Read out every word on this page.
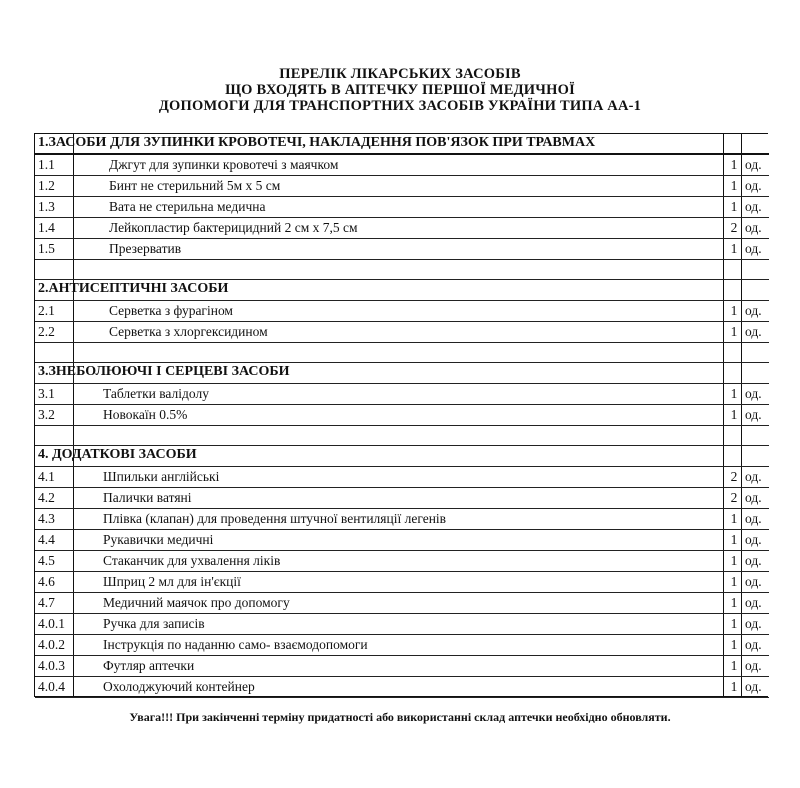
ПЕРЕЛІК ЛІКАРСЬКИХ ЗАСОБІВ
ЩО ВХОДЯТЬ В АПТЕЧКУ ПЕРШОЇ МЕДИЧНОЇ
ДОПОМОГИ ДЛЯ ТРАНСПОРТНИХ ЗАСОБІВ УКРАЇНИ ТИПА АА-1
1.ЗАСОБИ ДЛЯ ЗУПИНКИ КРОВОТЕЧІ, НАКЛАДЕННЯ ПОВ'ЯЗОК ПРИ ТРАВМАХ
1.1	Джгут для зупинки кровотечі з маячком	1 од.
1.2	Бинт не стерильний 5м х 5 см	1 од.
1.3	Вата не стерильна медична	1 од.
1.4	Лейкопластир бактерицидний 2 см х 7,5 см	2 од.
1.5	Презерватив	1 од.
2.АНТИСЕПТИЧНІ ЗАСОБИ
2.1	Серветка з фурагіном	1 од.
2.2	Серветка з хлоргексидином	1 од.
3.ЗНЕБОЛЮЮЧІ І СЕРЦЕВІ ЗАСОБИ
3.1	Таблетки валідолу	1 од.
3.2	Новокаїн 0.5%	1 од.
4. ДОДАТКОВІ ЗАСОБИ
4.1	Шпильки англійські	2 од.
4.2	Палички ватяні	2 од.
4.3	Плівка (клапан) для проведення штучної вентиляції легенів	1 од.
4.4	Рукавички медичні	1 од.
4.5	Стаканчик для ухвалення ліків	1 од.
4.6	Шприц 2 мл для ін'єкції	1 од.
4.7	Медичний маячок про допомогу	1 од.
4.0.1	Ручка для записів	1 од.
4.0.2	Інструкція по наданню само- взаємодопомоги	1 од.
4.0.3	Футляр аптечки	1 од.
4.0.4	Охолоджуючий контейнер	1 од.
Увага!!! При закінченні терміну придатності або використанні склад аптечки необхідно обновляти.
